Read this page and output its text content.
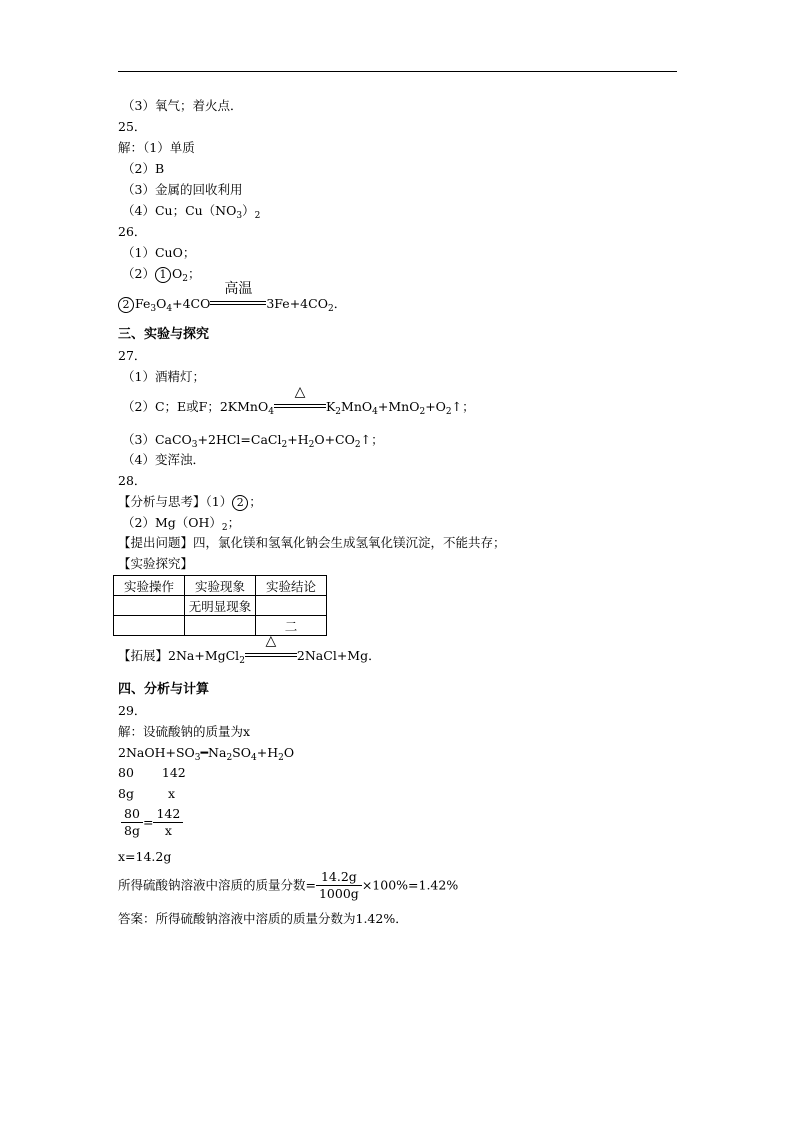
（3）氧气；着火点．
25．
解：（1）单质
（2）B
（3）金属的回收利用
（4）Cu；$Cu(NO_3)_2$
26．
（1）CuO；
（2） 1 $O_2$；
2 $Fe_3O_4+4CO$
高温
$3Fe+4CO_2$．
三、实验与探究
27．
（1）酒精灯；
（2）C；E或F；2KMnO$_4$
△
$K_2MnO_4+MnO_2+O_2↑$；
$(3)CaCO_3+2HCl=CaCl_2+H_2O+CO_2↑$；
（4）变浑浊．
28．
【分析与思考】（1） 2 ；
$(2)Mg(OH)_2$；
【提出问题】四，氯化镁和氢氧化钠会生成氢氧化镁沉淀，不能共存；
【实验探究】
实验操作	实验现象	实验结论
	无明显现象	
		二
【拓展】2Na+MgCl$_2$
△
2NaCl+Mg．
四、分析与计算
29．
解：设硫酸钠的质量为x
$2NaOH+SO_3━Na_2SO_4+H_2O$
80 142
8g	x
$\frac{80}{8g} = \frac{142}{x}$
x=14.2g
所得硫酸钠溶液中溶质的质量分数= $\frac{14.2g}{1000g} \times 100\%=1.42\%$
答案：所得硫酸钠溶液中溶质的质量分数为1.42%．
